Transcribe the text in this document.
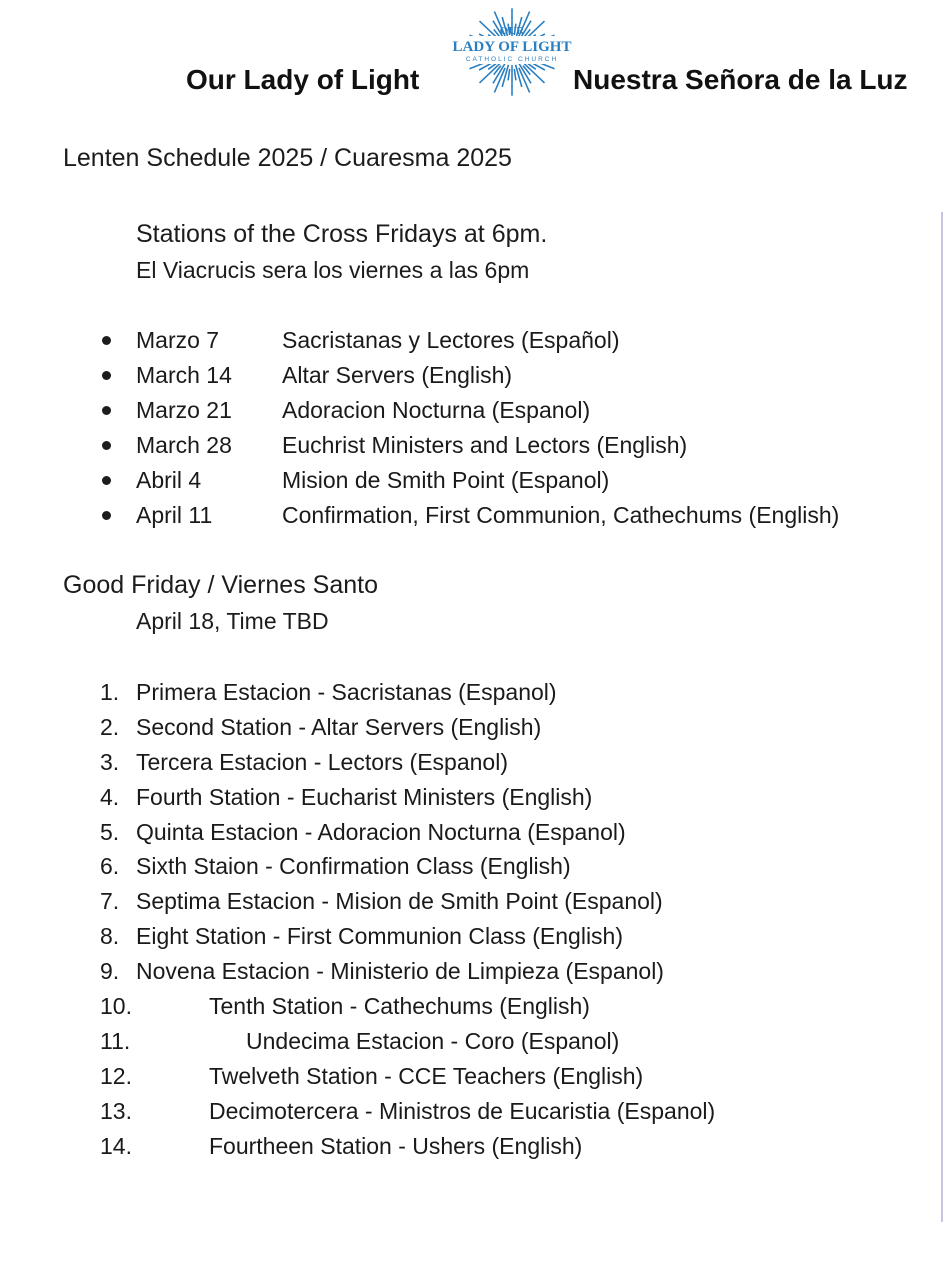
OUR
LADY OF LIGHT
CATHOLIC CHURCH
Our Lady of Light	Nuestra Señora de la Luz
Lenten Schedule 2025 / Cuaresma 2025
Stations of the Cross Fridays at 6pm.
El Viacrucis sera los viernes a las 6pm
Marzo 7	Sacristanas y Lectores (Español)
March 14 Altar Servers (English)
Marzo 21 Adoracion Nocturna (Espanol)
March 28 Euchrist Ministers and Lectors (English)
Abril 4	Mision de Smith Point (Espanol)
April 11	Confirmation, First Communion, Cathechums (English)
Good Friday / Viernes Santo
April 18, Time TBD
1. Primera Estacion - Sacristanas (Espanol)
2. Second Station - Altar Servers (English)
3. Tercera Estacion - Lectors (Espanol)
4. Fourth Station - Eucharist Ministers (English)
5. Quinta Estacion - Adoracion Nocturna (Espanol)
6. Sixth Staion - Confirmation Class (English)
7. Septima Estacion - Mision de Smith Point (Espanol)
8. Eight Station - First Communion Class (English)
9. Novena Estacion - Ministerio de Limpieza (Espanol)
10.	Tenth Station - Cathechums (English)
11.	Undecima Estacion - Coro (Espanol)
12.	Twelveth Station - CCE Teachers (English)
13.	Decimotercera - Ministros de Eucaristia (Espanol)
14.	Fourtheen Station - Ushers (English)
